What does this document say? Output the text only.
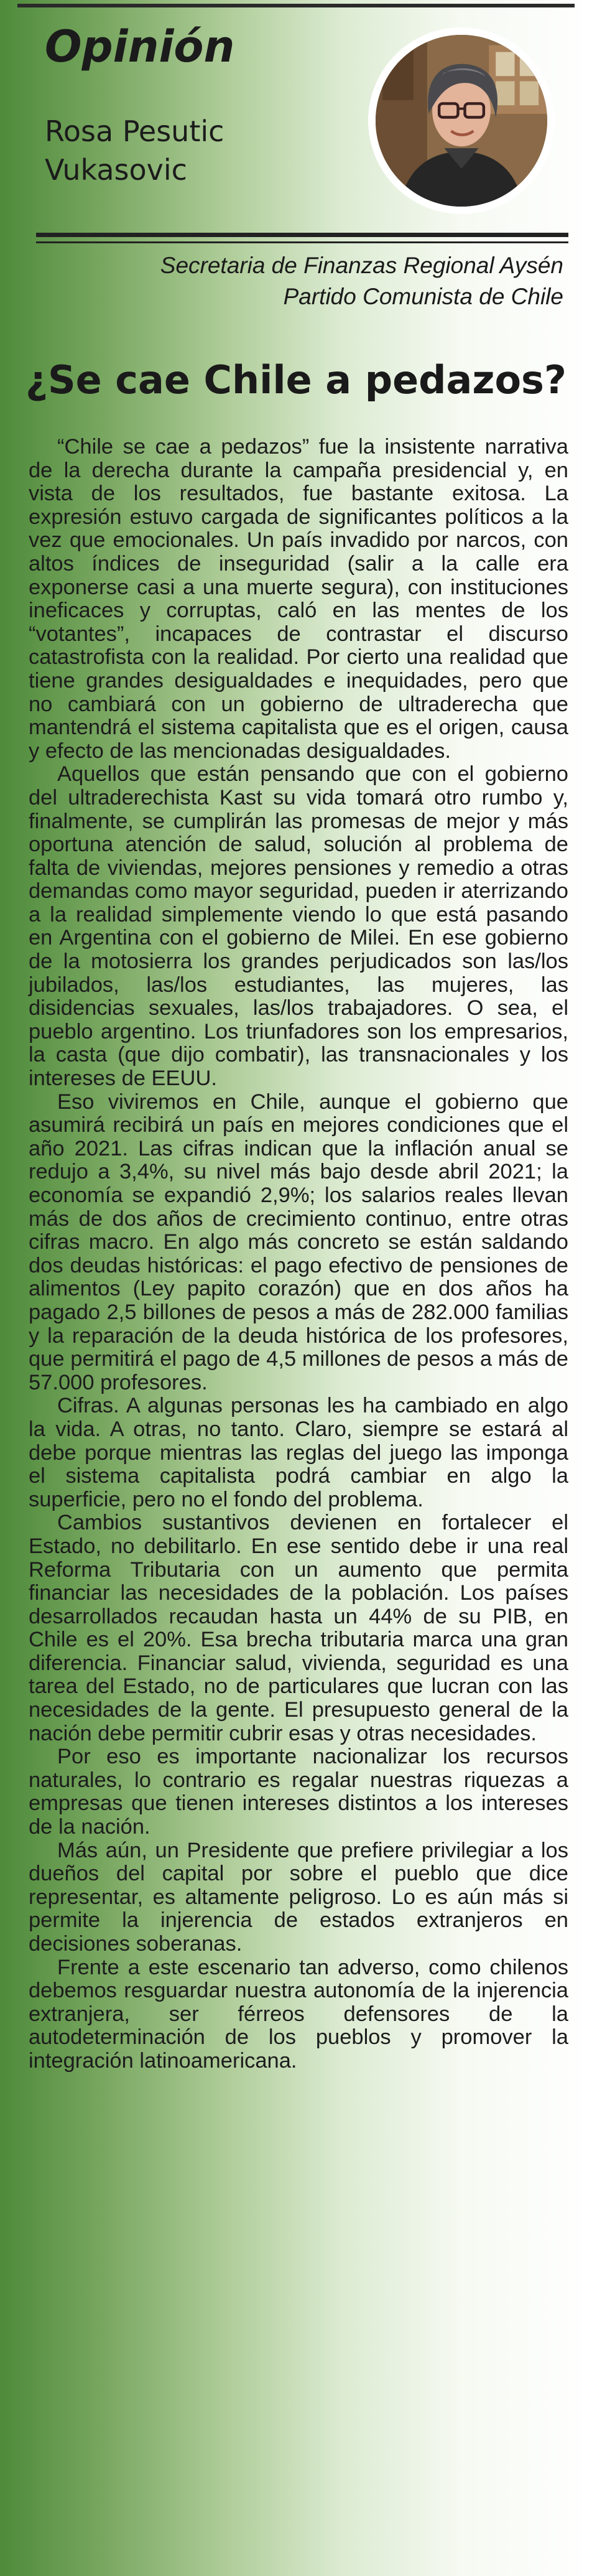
Opinión
Rosa Pesutic
Vukasovic
Secretaria de Finanzas Regional Aysén
Partido Comunista de Chile
¿Se cae Chile a pedazos?

“Chile se cae a pedazos” fue la insistente narrativa de la derecha durante la campaña presidencial y, en vista de los resultados, fue bastante exitosa. La expresión estuvo cargada de significantes políticos a la vez que emocionales. Un país invadido por narcos, con altos índices de inseguridad (salir a la calle era exponerse casi a una muerte segura), con instituciones ineficaces y corruptas, caló en las mentes de los “votantes”, incapaces de contrastar el discurso catastrofista con la realidad. Por cierto una realidad que tiene grandes desigualdades e inequidades, pero que no cambiará con un gobierno de ultraderecha que mantendrá el sistema capitalista que es el origen, causa y efecto de las mencionadas desigualdades.

Aquellos que están pensando que con el gobierno del ultraderechista Kast su vida tomará otro rumbo y, finalmente, se cumplirán las promesas de mejor y más oportuna atención de salud, solución al problema de falta de viviendas, mejores pensiones y remedio a otras demandas como mayor seguridad, pueden ir aterrizando a la realidad simplemente viendo lo que está pasando en Argentina con el gobierno de Milei. En ese gobierno de la motosierra los grandes perjudicados son las/los jubilados, las/los estudiantes, las mujeres, las disidencias sexuales, las/los trabajadores. O sea, el pueblo argentino. Los triunfadores son los empresarios, la casta (que dijo combatir), las transnacionales y los intereses de EEUU.

Eso viviremos en Chile, aunque el gobierno que asumirá recibirá un país en mejores condiciones que el año 2021. Las cifras indican que la inflación anual se redujo a 3,4%, su nivel más bajo desde abril 2021; la economía se expandió 2,9%; los salarios reales llevan más de dos años de crecimiento continuo, entre otras cifras macro. En algo más concreto se están saldando dos deudas históricas: el pago efectivo de pensiones de alimentos (Ley papito corazón) que en dos años ha pagado 2,5 billones de pesos a más de 282.000 familias y la reparación de la deuda histórica de los profesores, que permitirá el pago de 4,5 millones de pesos a más de 57.000 profesores.

Cifras. A algunas personas les ha cambiado en algo la vida. A otras, no tanto. Claro, siempre se estará al debe porque mientras las reglas del juego las imponga el sistema capitalista podrá cambiar en algo la superficie, pero no el fondo del problema.

Cambios sustantivos devienen en fortalecer el Estado, no debilitarlo. En ese sentido debe ir una real Reforma Tributaria con un aumento que permita financiar las necesidades de la población. Los países desarrollados recaudan hasta un 44% de su PIB, en Chile es el 20%. Esa brecha tributaria marca una gran diferencia. Financiar salud, vivienda, seguridad es una tarea del Estado, no de particulares que lucran con las necesidades de la gente. El presupuesto general de la nación debe permitir cubrir esas y otras necesidades.

Por eso es importante nacionalizar los recursos naturales, lo contrario es regalar nuestras riquezas a empresas que tienen intereses distintos a los intereses de la nación.

Más aún, un Presidente que prefiere privilegiar a los dueños del capital por sobre el pueblo que dice representar, es altamente peligroso. Lo es aún más si permite la injerencia de estados extranjeros en decisiones soberanas.

Frente a este escenario tan adverso, como chilenos debemos resguardar nuestra autonomía de la injerencia extranjera, ser férreos defensores de la autodeterminación de los pueblos y promover la integración latinoamericana.
